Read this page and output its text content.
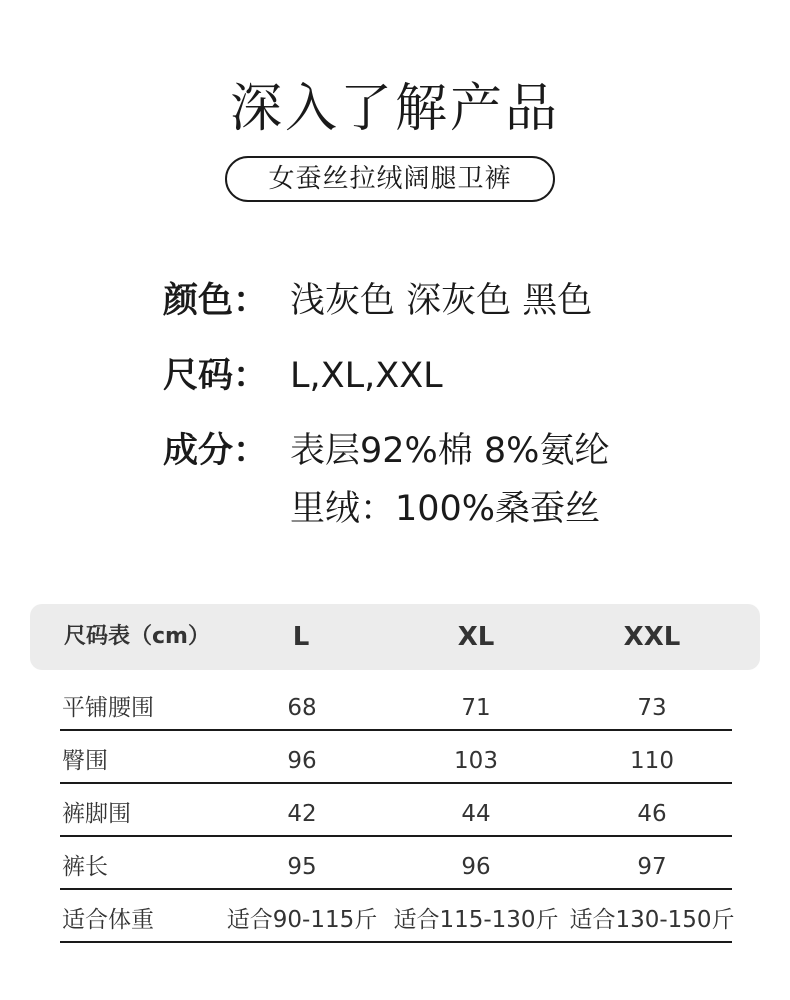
深入了解产品
女蚕丝拉绒阔腿卫裤
颜色： 浅灰色 深灰色 黑色
尺码： L,XL,XXL
成分： 表层92%棉 8%氨纶
里绒：100%桑蚕丝
尺码表（cm）	L	XL	XXL
平铺腰围	68	71	73
臀围	96	103	110
裤脚围	42	44	46
裤长	95	96	97
适合体重	适合90-115斤 适合115-130斤 适合130-150斤
